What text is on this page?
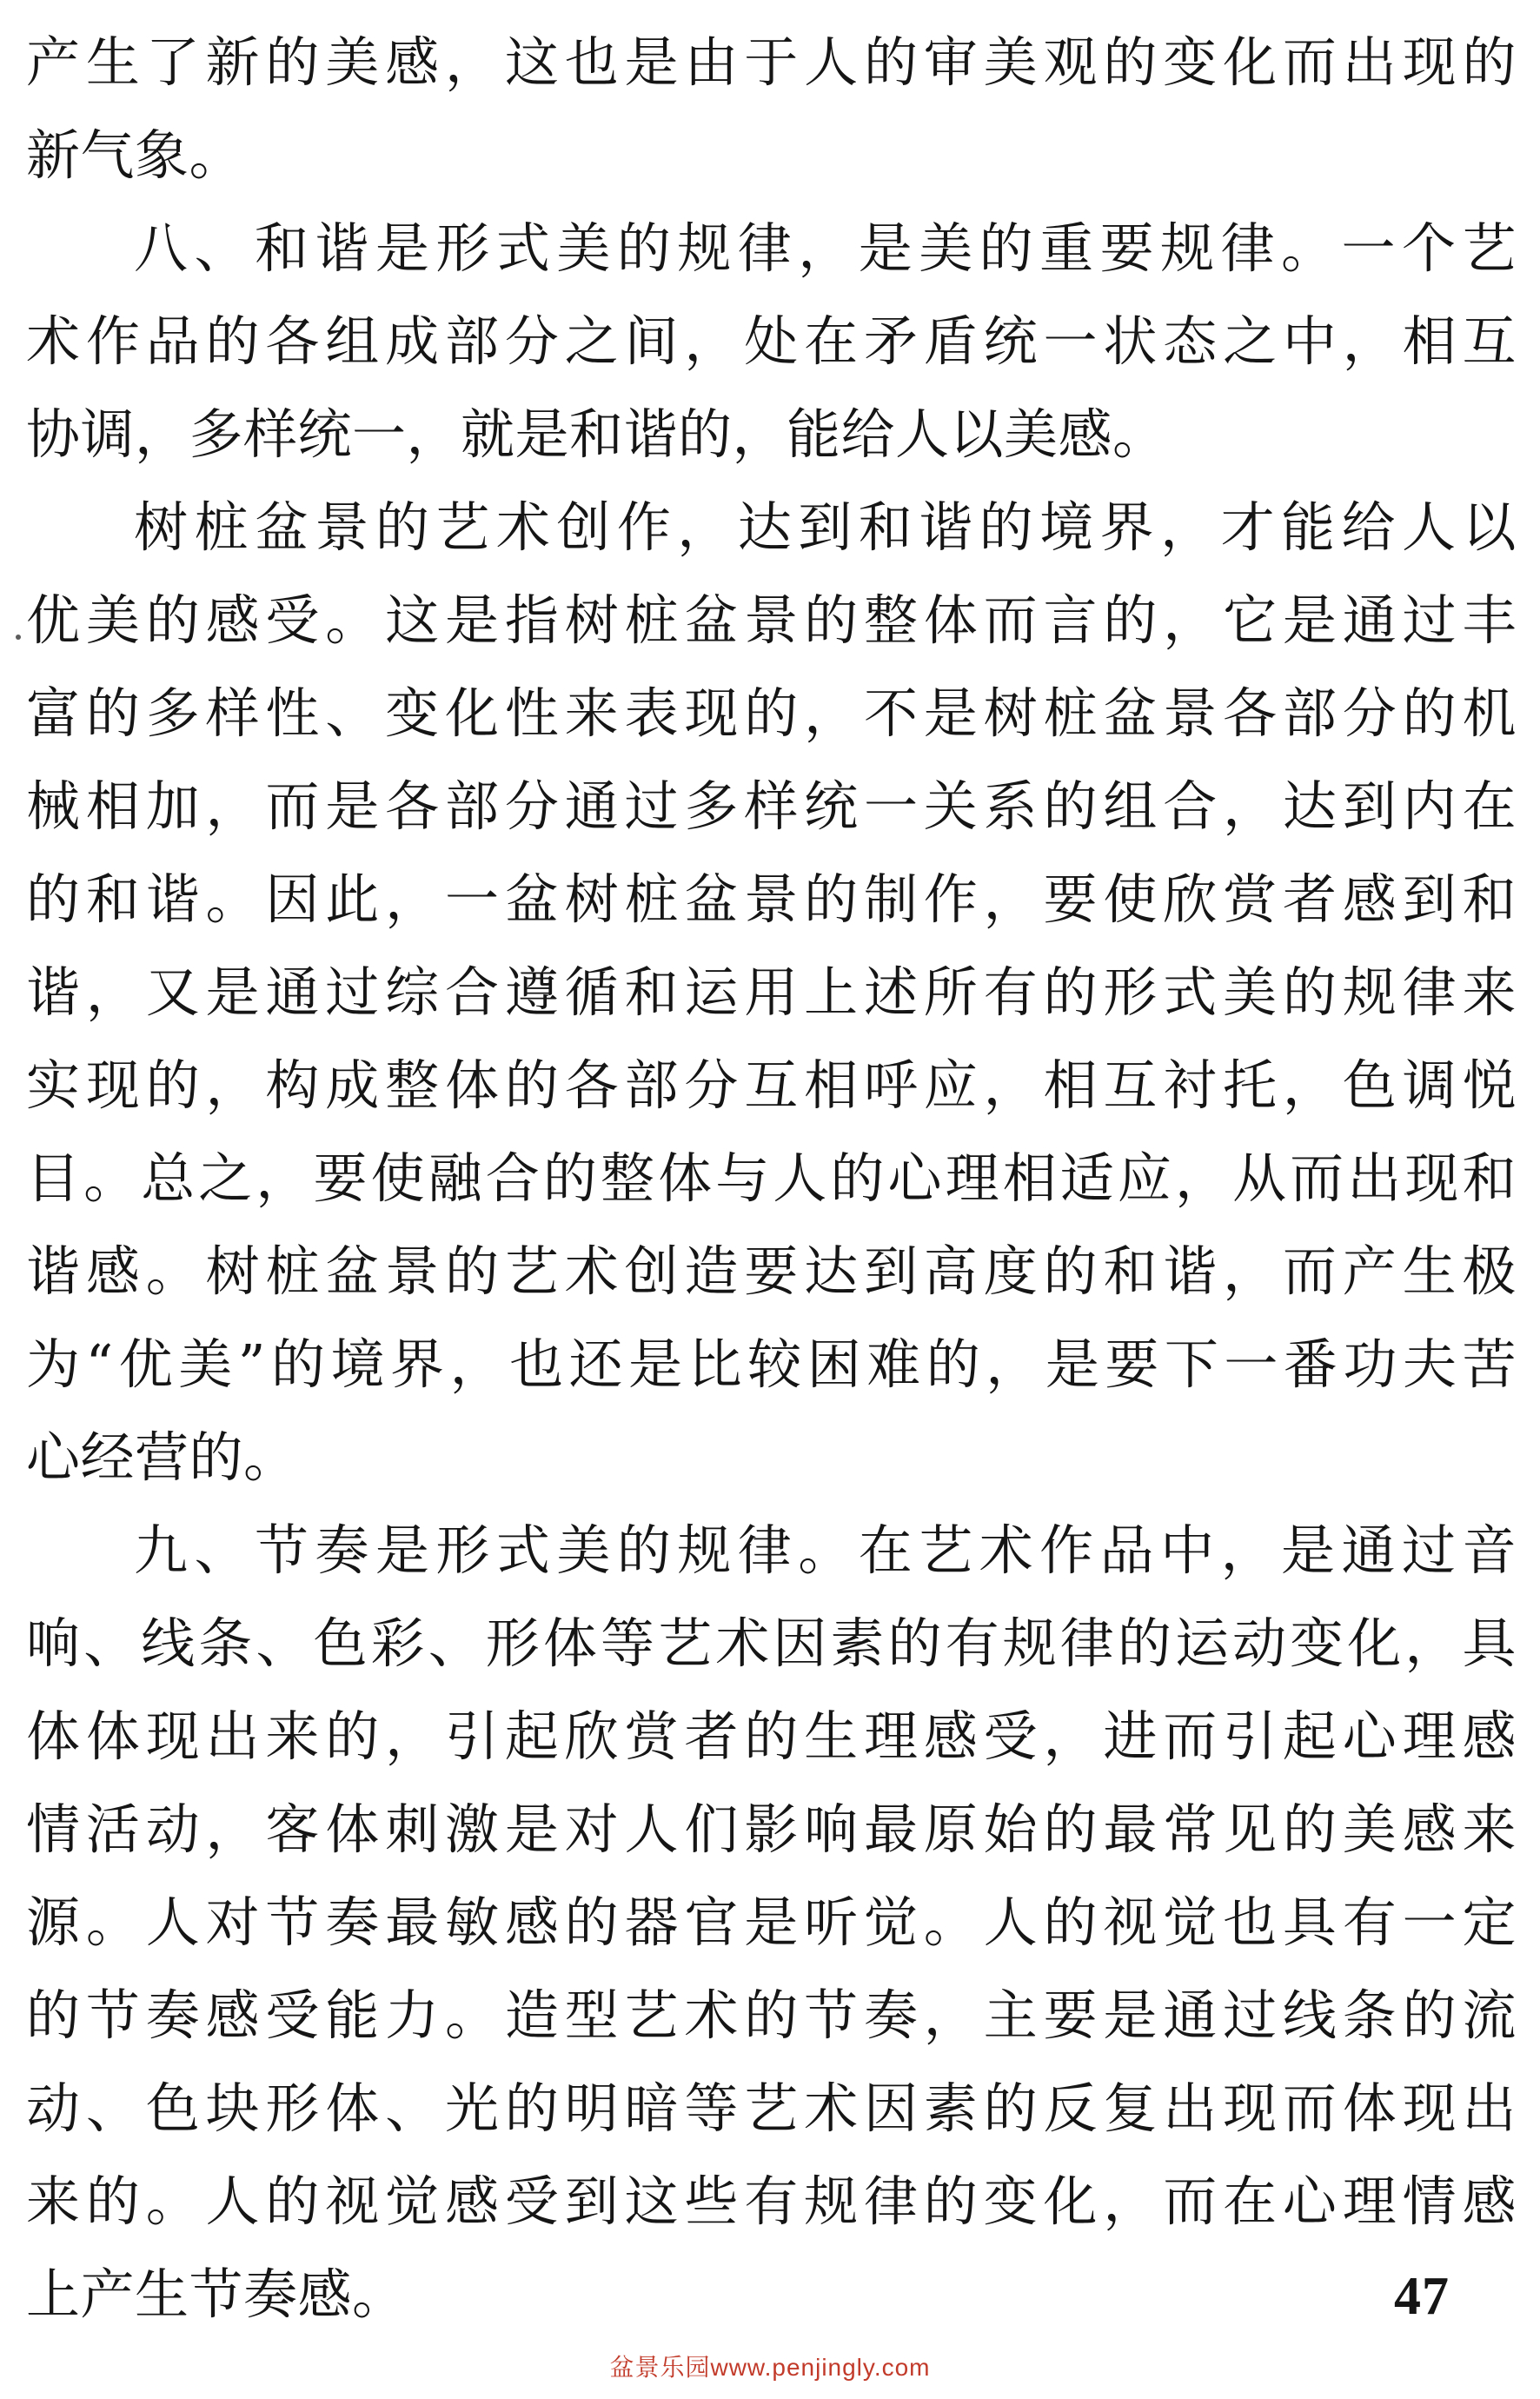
产生了新的美感，这也是由于人的审美观的变化而出现的
新气象。
八、和谐是形式美的规律，是美的重要规律。一个艺
术作品的各组成部分之间，处在矛盾统一状态之中，相互
协调，多样统一，就是和谐的，能给人以美感。
树桩盆景的艺术创作，达到和谐的境界，才能给人以
优美的感受。这是指树桩盆景的整体而言的，它是通过丰
富的多样性、变化性来表现的，不是树桩盆景各部分的机
械相加，而是各部分通过多样统一关系的组合，达到内在
的和谐。因此，一盆树桩盆景的制作，要使欣赏者感到和
谐，又是通过综合遵循和运用上述所有的形式美的规律来
实现的，构成整体的各部分互相呼应，相互衬托，色调悦
目。总之，要使融合的整体与人的心理相适应，从而出现和
谐感。树桩盆景的艺术创造要达到高度的和谐，而产生极
为“优美”的境界，也还是比较困难的，是要下一番功夫苦
心经营的。
九、节奏是形式美的规律。在艺术作品中，是通过音
响、线条、色彩、形体等艺术因素的有规律的运动变化，具
体体现出来的，引起欣赏者的生理感受，进而引起心理感
情活动，客体刺激是对人们影响最原始的最常见的美感来
源。人对节奏最敏感的器官是听觉。人的视觉也具有一定
的节奏感受能力。造型艺术的节奏，主要是通过线条的流
动、色块形体、光的明暗等艺术因素的反复出现而体现出
来的。人的视觉感受到这些有规律的变化，而在心理情感
上产生节奏感。	47
盆景乐园www.penjingly.com
